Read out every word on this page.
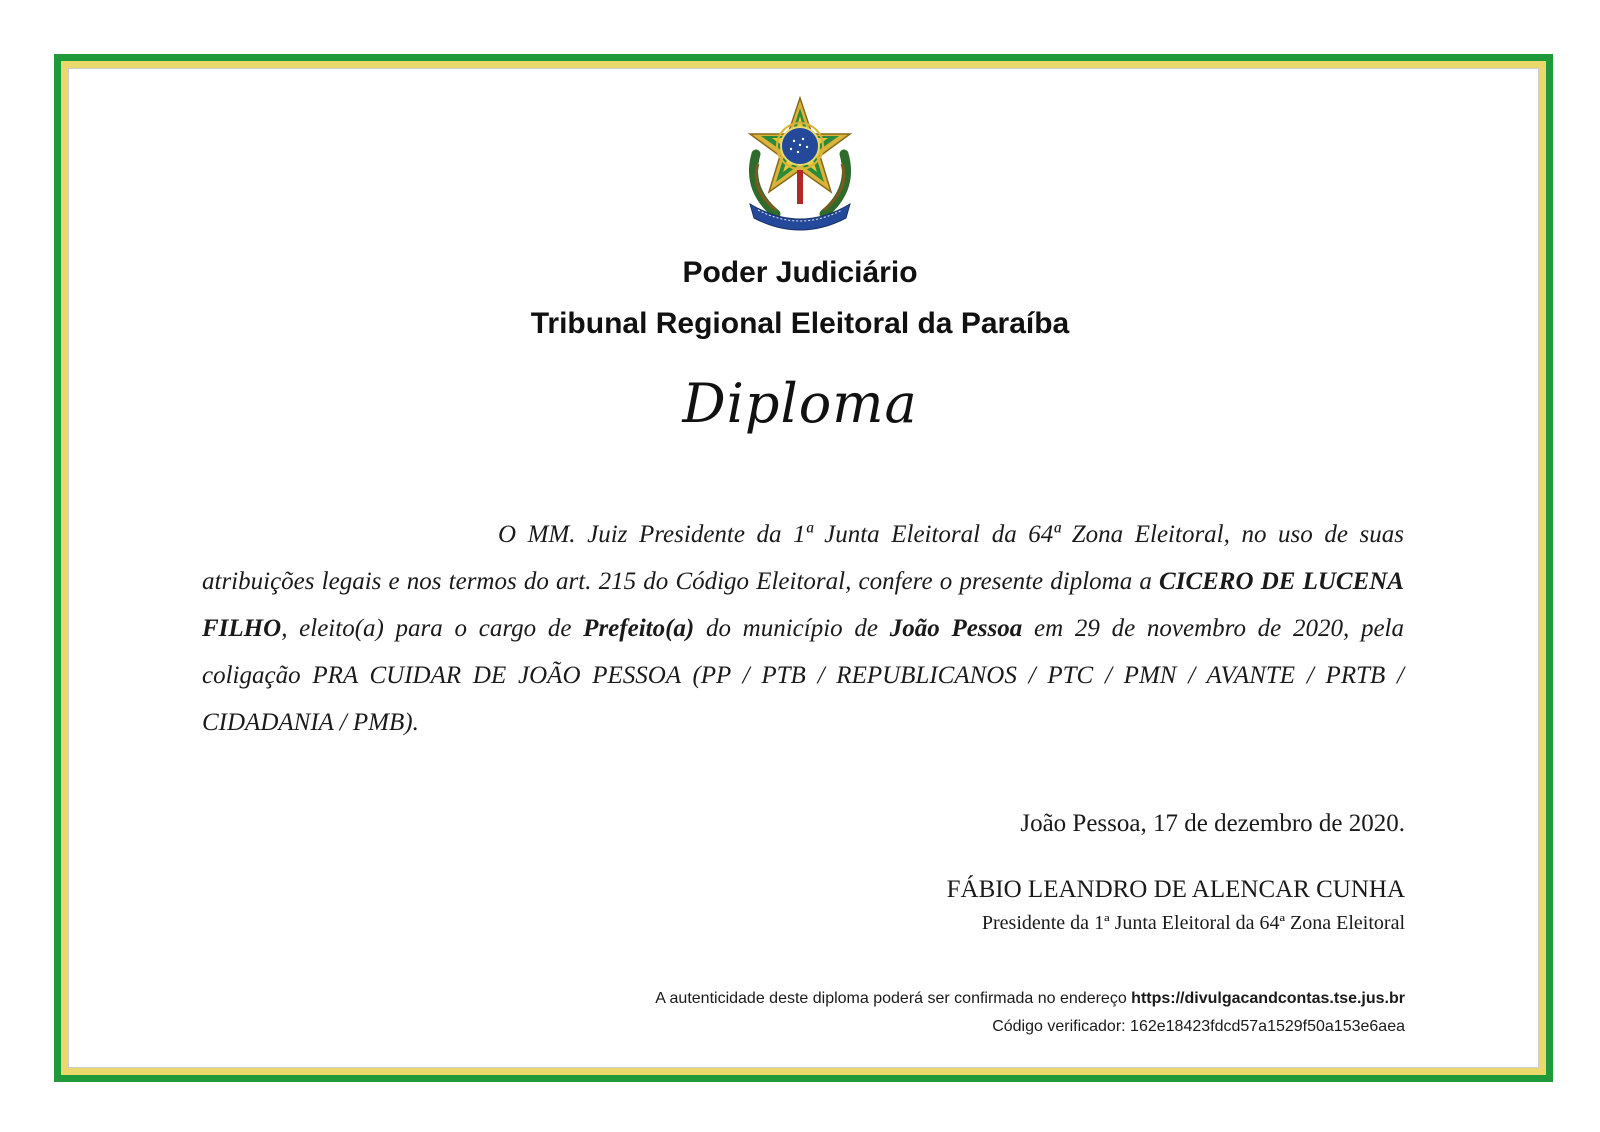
Poder Judiciário
Tribunal Regional Eleitoral da Paraíba
Diploma
O MM. Juiz Presidente da 1ª Junta Eleitoral da 64ª Zona Eleitoral, no uso de suas atribuições legais e nos termos do art. 215 do Código Eleitoral, confere o presente diploma a CICERO DE LUCENA FILHO, eleito(a) para o cargo de Prefeito(a) do município de João Pessoa em 29 de novembro de 2020, pela coligação PRA CUIDAR DE JOÃO PESSOA (PP / PTB / REPUBLICANOS / PTC / PMN / AVANTE / PRTB / CIDADANIA / PMB).
João Pessoa, 17 de dezembro de 2020.
FÁBIO LEANDRO DE ALENCAR CUNHA
Presidente da 1ª Junta Eleitoral da 64ª Zona Eleitoral
A autenticidade deste diploma poderá ser confirmada no endereço https://divulgacandcontas.tse.jus.br
Código verificador: 162e18423fdcd57a1529f50a153e6aea
